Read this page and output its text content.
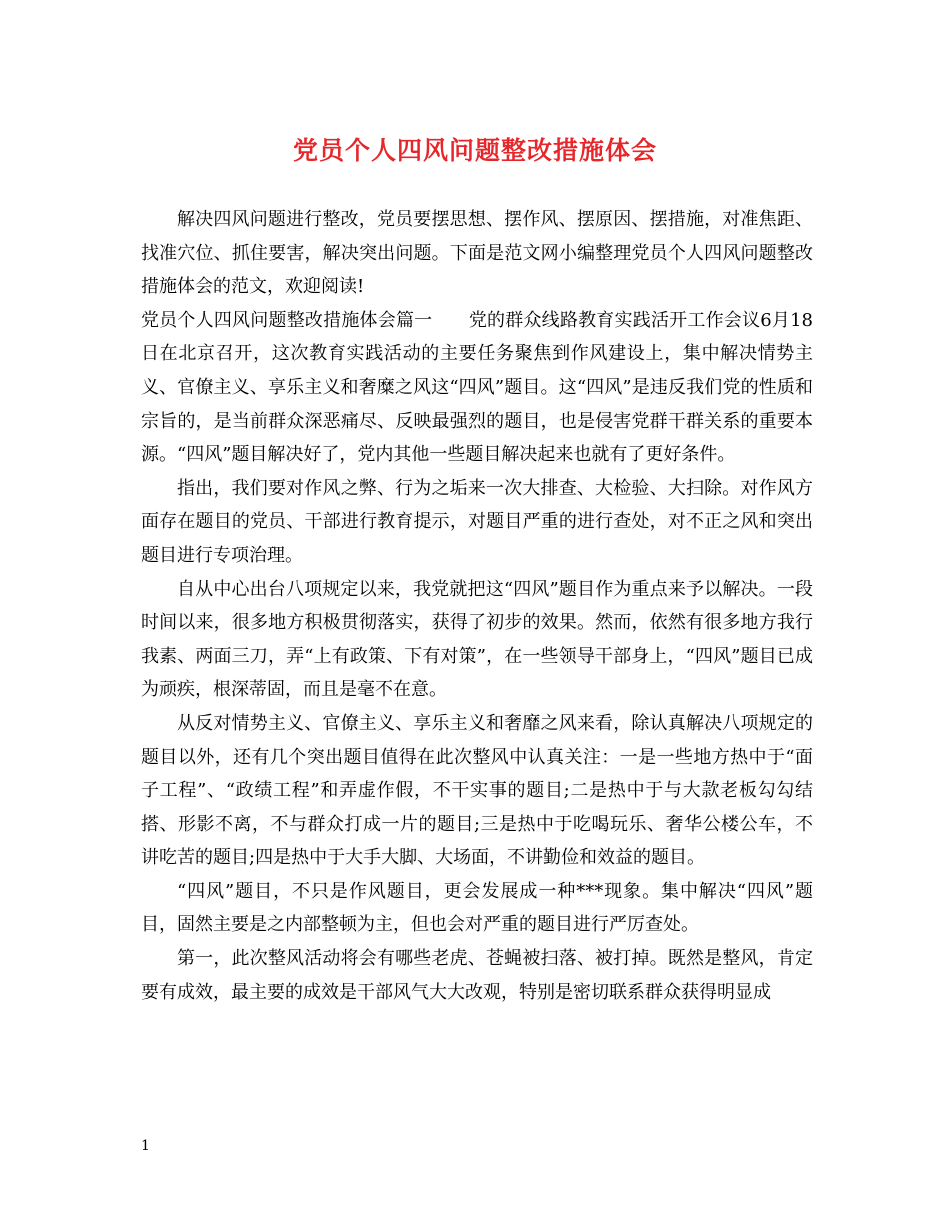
党员个人四风问题整改措施体会

解决四风问题进行整改，党员要摆思想、摆作风、摆原因、摆措施，对准焦距、找准穴位、抓住要害，解决突出问题。下面是范文网小编整理党员个人四风问题整改措施体会的范文，欢迎阅读!

党员个人四风问题整改措施体会篇一　　党的群众线路教育实践活开工作会议6月18日在北京召开，这次教育实践活动的主要任务聚焦到作风建设上，集中解决情势主义、官僚主义、享乐主义和奢糜之风这“四风”题目。这“四风”是违反我们党的性质和宗旨的，是当前群众深恶痛尽、反映最强烈的题目，也是侵害党群干群关系的重要本源。“四风”题目解决好了，党内其他一些题目解决起来也就有了更好条件。

指出，我们要对作风之弊、行为之垢来一次大排查、大检验、大扫除。对作风方面存在题目的党员、干部进行教育提示，对题目严重的进行查处，对不正之风和突出题目进行专项治理。

自从中心出台八项规定以来，我党就把这“四风”题目作为重点来予以解决。一段时间以来，很多地方积极贯彻落实，获得了初步的效果。然而，依然有很多地方我行我素、两面三刀，弄“上有政策、下有对策”，在一些领导干部身上，“四风”题目已成为顽疾，根深蒂固，而且是毫不在意。

从反对情势主义、官僚主义、享乐主义和奢靡之风来看，除认真解决八项规定的题目以外，还有几个突出题目值得在此次整风中认真关注：一是一些地方热中于“面子工程”、“政绩工程”和弄虚作假，不干实事的题目;二是热中于与大款老板勾勾结搭、形影不离，不与群众打成一片的题目;三是热中于吃喝玩乐、奢华公楼公车，不讲吃苦的题目;四是热中于大手大脚、大场面，不讲勤俭和效益的题目。

“四风”题目，不只是作风题目，更会发展成一种***现象。集中解决“四风”题目，固然主要是之内部整顿为主，但也会对严重的题目进行严厉查处。

第一，此次整风活动将会有哪些老虎、苍蝇被扫落、被打掉。既然是整风，肯定要有成效，最主要的成效是干部风气大大改观，特别是密切联系群众获得明显成

1
